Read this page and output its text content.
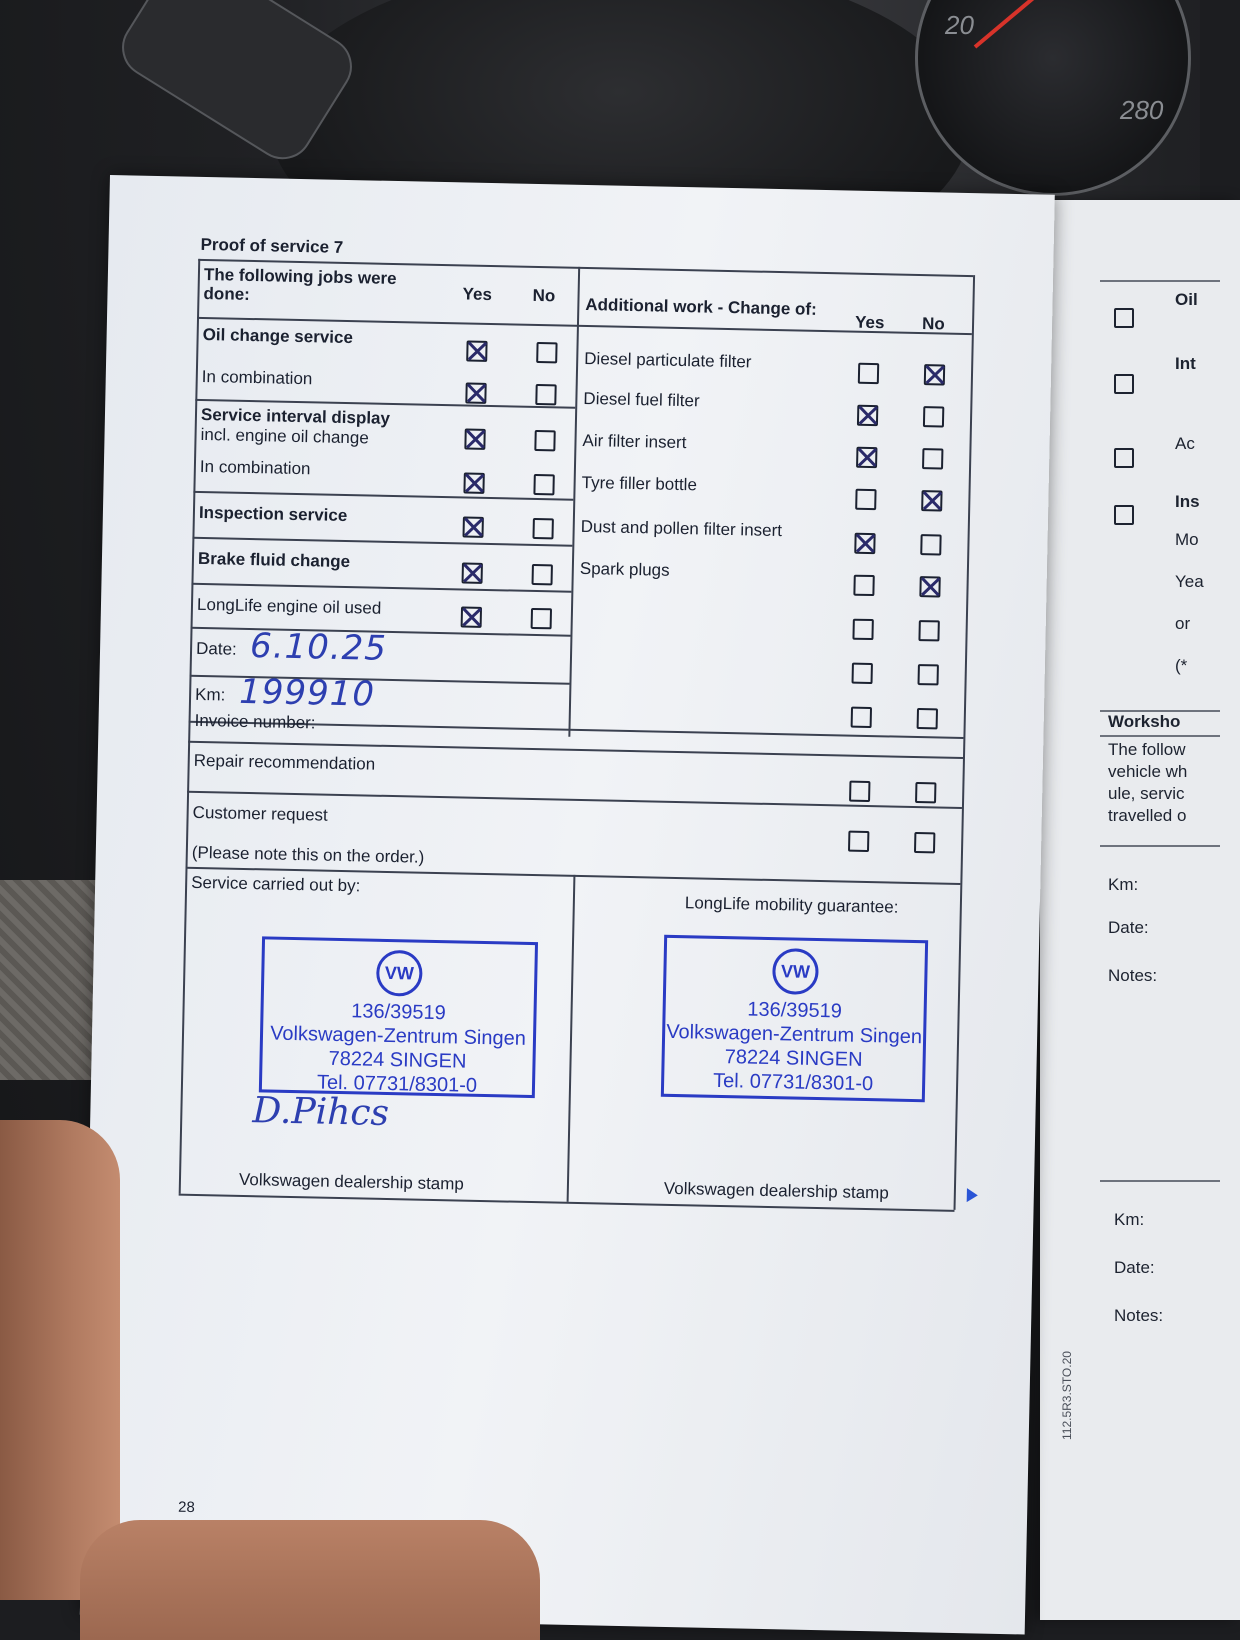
20
280
Oil
Int
Ac
Ins
Mo
Yea
or
(*
Worksho
The follow
vehicle wh
ule, servic
travelled o
Km:
Date:
Notes:
Km:
Date:
Notes:
112.5R3.STO.20
Proof of service 7
The following jobs were done:	Yes No
Oil change service
In combination
Service interval display
incl. engine oil change
In combination
Inspection service
Brake fluid change
LongLife engine oil used
Date: 6.10.25
Km: 199910
Additional work - Change of:
Yes No
Diesel particulate filter
Diesel fuel filter
Air filter insert
Tyre filler bottle
Dust and pollen filter insert
Spark plugs
Invoice number:
Repair recommendation
Customer request
(Please note this on the order.)
Service carried out by:
LongLife mobility guarantee:
VW
136/39519
Volkswagen-Zentrum Singen
78224 SINGEN
Tel. 07731/8301-0
D.Pihcs
VW
136/39519
Volkswagen-Zentrum Singen
78224 SINGEN
Tel. 07731/8301-0
Volkswagen dealership stamp	Volkswagen dealership stamp
28
